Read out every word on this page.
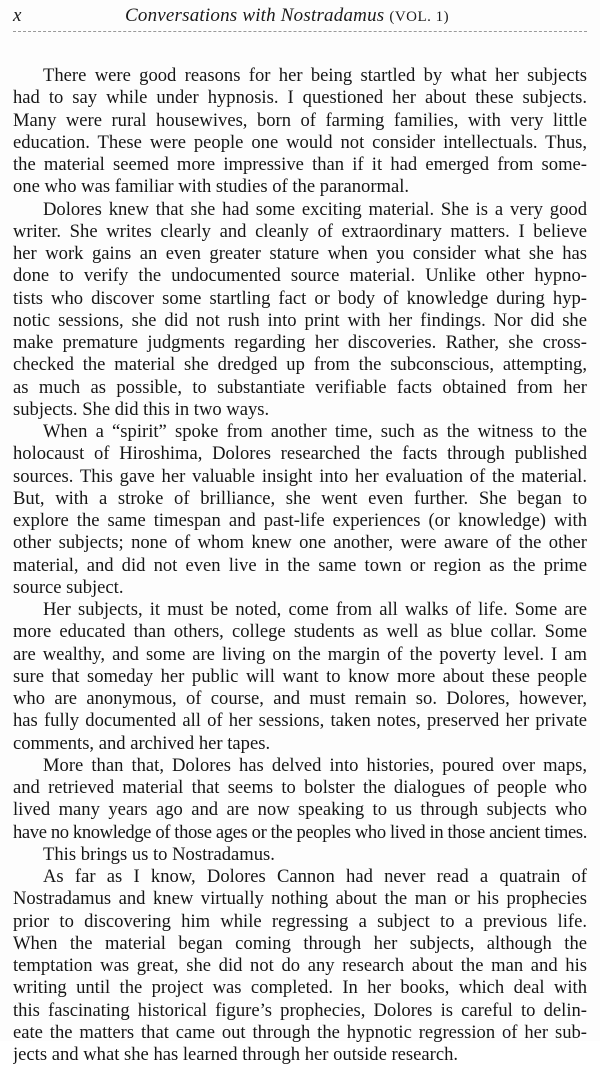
x	Conversations with Nostradamus (VOL. 1)
There were good reasons for her being startled by what her subjects
had to say while under hypnosis. I questioned her about these subjects.
Many were rural housewives, born of farming families, with very little
education. These were people one would not consider intellectuals. Thus,
the material seemed more impressive than if it had emerged from some-
one who was familiar with studies of the paranormal.
Dolores knew that she had some exciting material. She is a very good
writer. She writes clearly and cleanly of extraordinary matters. I believe
her work gains an even greater stature when you consider what she has
done to verify the undocumented source material. Unlike other hypno-
tists who discover some startling fact or body of knowledge during hyp-
notic sessions, she did not rush into print with her findings. Nor did she
make premature judgments regarding her discoveries. Rather, she cross-
checked the material she dredged up from the subconscious, attempting,
as much as possible, to substantiate verifiable facts obtained from her
subjects. She did this in two ways.
When a “spirit” spoke from another time, such as the witness to the
holocaust of Hiroshima, Dolores researched the facts through published
sources. This gave her valuable insight into her evaluation of the material.
But, with a stroke of brilliance, she went even further. She began to
explore the same timespan and past-life experiences (or knowledge) with
other subjects; none of whom knew one another, were aware of the other
material, and did not even live in the same town or region as the prime
source subject.
Her subjects, it must be noted, come from all walks of life. Some are
more educated than others, college students as well as blue collar. Some
are wealthy, and some are living on the margin of the poverty level. I am
sure that someday her public will want to know more about these people
who are anonymous, of course, and must remain so. Dolores, however,
has fully documented all of her sessions, taken notes, preserved her private
comments, and archived her tapes.
More than that, Dolores has delved into histories, poured over maps,
and retrieved material that seems to bolster the dialogues of people who
lived many years ago and are now speaking to us through subjects who
have no knowledge of those ages or the peoples who lived in those ancient times.
This brings us to Nostradamus.
As far as I know, Dolores Cannon had never read a quatrain of
Nostradamus and knew virtually nothing about the man or his prophecies
prior to discovering him while regressing a subject to a previous life.
When the material began coming through her subjects, although the
temptation was great, she did not do any research about the man and his
writing until the project was completed. In her books, which deal with
this fascinating historical figure’s prophecies, Dolores is careful to delin-
eate the matters that came out through the hypnotic regression of her sub-
jects and what she has learned through her outside research.
